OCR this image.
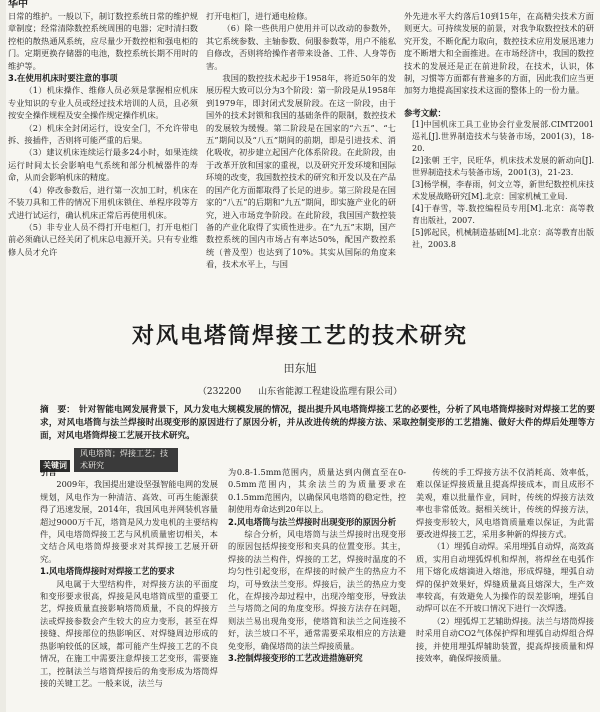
华中

日常的维护。一般以下，制订数控系统日常的维护规章制度；经常清除数控系统周围的电器；定时清扫数控柜的散热通风系统，应尽量少开数控柜和强电柜的门。定期更换存储器的电池，数控系统长期不用时的维护等。

3.在使用机床时要注意的事项

（1）机床操作、维修人员必须是掌握相应机床专业知识的专业人员或经过技术培训的人员，且必须按安全操作规程及安全操作规定操作机床。

（2）机床全封闭运行，设安全门，不允许带电拆、接插件，否则将可能严重的后果。

（3）建议机床连续运行最多24小时，如果连续运行时间太长会影响电气系统和部分机械器件的寿命，从而会影响机床的精度。

（4）停改参数后，进行第一次加工时，机床在不装刀具和工件的情况下用机床锁住、单程序段等方式进行试运行，确认机床正常后再使用机床。

（5）非专业人员不得打开电柜门，打开电柜门前必须确认已经关闭了机床总电源开关。只有专业维修人员才允许

打开电柜门，进行通电检修。

（6）除一些供用户使用并可以改动的参数外，其它系统参数、主轴参数、伺服参数等，用户不能私自修改，否则将给操作者带来设备、工件、人身等伤害。

我国的数控技术起步于1958年，将近50年的发展历程大致可以分为3个阶段：第一阶段是从1958年到1979年，即封闭式发展阶段。在这一阶段，由于国外的技术封锁和我国的基础条件的限制，数控技术的发展较为缓慢。第二阶段是在国家的“六五”、“七五”期间以及“八五”期间的前期，即是引进技术、消化吸收，初步建立起国产化体系阶段。在此阶段，由于改革开放和国家的重视，以及研究开发环境和国际环境的改变，我国数控技术的研究和开发以及在产品的国产化方面都取得了长足的进步。第三阶段是在国家的“八五”的后期和“九五”期间，即实施产业化的研究，进入市场竞争阶段。在此阶段，我国国产数控装备的产业化取得了实质性进步。在“九五”末期，国产数控系统的国内市场占有率达50%，配国产数控系统（普及型）也达到了10%。其实从国际的角度来看，技术水平上，与国

外先进水平大约落后10到15年，在高精尖技术方面则更大。可持续发展的前景，对我争取数控技术的研究开发，不断化配力取向，数控技术应用发展迅速力度不断增大和全面推进。在市场经济中，我国的数控技术的发展还是正在前进阶段，在技术，认识，体制，习惯等方面都有普遍多的方面，因此我们应当更加努力地提高国家技术这面的整体上的一份力量。

参考文献：

[1]中国机床工具工业协会行业发展部.CIMT2001巡礼[J].世界制造技术与装备市场，2001(3)，18-20.

[2]张朝 王宇，民旺华，机床技术发展的新动向[J].世界制造技术与装备市场，2001(3)，21-23.

[3]杨学桐，李春雨，何文立等，新世纪数控机床技术发展战略研究[M].北京：国家机械工业局.

[4]于春雪，等.数控编程员专用[M].北京：高等教育出版社，2007.

[5]郭起民，机械制造基础[M].北京：高等教育出版社，2003.8

对风电塔筒焊接工艺的技术研究
田东旭
（232200 山东省能源工程建设监理有限公司）
摘　要： 针对智能电网发展背景下，风力发电大规模发展的情况，提出提升风电塔筒焊接工艺的必要性，分析了风电塔筒焊接时对焊接工艺的要求，对风电塔筒与法兰焊接时出现变形的原因进行了原因分析，并从改进传统的焊接方法、采取控制变形的工艺措施、做好大件的焊后处理等方面，对风电塔筒焊接工艺展开技术研究。
关键词风电塔筒；焊接工艺；技术研究

引言

2009年，我国提出建设坚强智能电网的发展规划，风电作为一种清洁、高效、可再生能源获得了迅速发展，2014年，我国风电并网装机容量超过9000万千瓦，塔筒是风力发电机的主要结构件，风电塔筒焊接工艺与风机质量密切相关，本文结合风电塔筒焊接要求对其焊接工艺展开研究。

1.风电塔筒焊接时对焊接工艺的要求

风电属于大型结构件，对焊接方法的平面度和变形要求很高，焊接是风电塔筒成型的重要工艺，焊接质量直接影响塔筒质量，不良的焊接方法或焊接参数会产生较大的应力变形，甚至在焊接缝、焊接部位的热影响区、对焊缝周边形成的热影响较低的区域，都可能产生焊接工艺的不良情况，在施工中需要注意焊接工艺变形，需要施工，控制法兰与塔筒焊接后的角变形成为塔筒焊接的关键工艺。一般来说，法兰与

为0.8-1.5mm范围内，质量达到内侧直至在0-0.5mm范围内，其余法兰的为质量要求在0.1.5mm范围内，以确保风电塔筒的稳定性，控制使用寿命达到20年以上。

2.风电塔筒与法兰焊接时出现变形的原因分析

综合分析，风电塔筒与法兰焊接时出现变形的原因包括焊接变形和夹具的位置变形。其主，焊接的法兰构件，焊接的工艺，焊接时温度的不均匀性引起变形，在焊接的时候产生的热应力不均，可导致法兰变形。焊接后，法兰的热应力变化，在焊接冷却过程中，出现冷缩变形，导致法兰与塔筒之间的角度变形。焊接方法存在问题，则法兰易出现角变形，使塔筒和法兰之间连接不好，法兰坡口不平，通常需要采取相应的方法避免变形，确保塔筒的法兰焊接质量。

3.控制焊接变形的工艺改进措施研究

传统的手工焊接方法不仅消耗高、效率低，难以保证焊接质量且提高焊接成本，而且成形不美观，难以批量作业，同时，传统的焊接方法效率也非常低效。据相关统计，传统的焊接方法，焊接变形较大，风电塔筒质量难以保证，为此需要改进焊接工艺，采用多种新的焊接方式。

（1）埋弧自动焊。采用埋弧自动焊，高效高质，实用自动埋弧焊机和焊剂，将焊丝在电弧作用下熔化成熔滴进入熔池，形成焊缝，埋弧自动焊的保护效果好，焊缝质量高且熔深大，生产效率较高，有效避免人为操作的误差影响，埋弧自动焊可以在不开坡口情况下进行一次焊透。

（2）埋弧焊工艺辅助焊接。法兰与塔筒焊接时采用自动CO2气体保护焊和埋弧自动焊组合焊接，并使用埋弧焊辅助装置，提高焊接质量和焊接效率，确保焊接质量。
